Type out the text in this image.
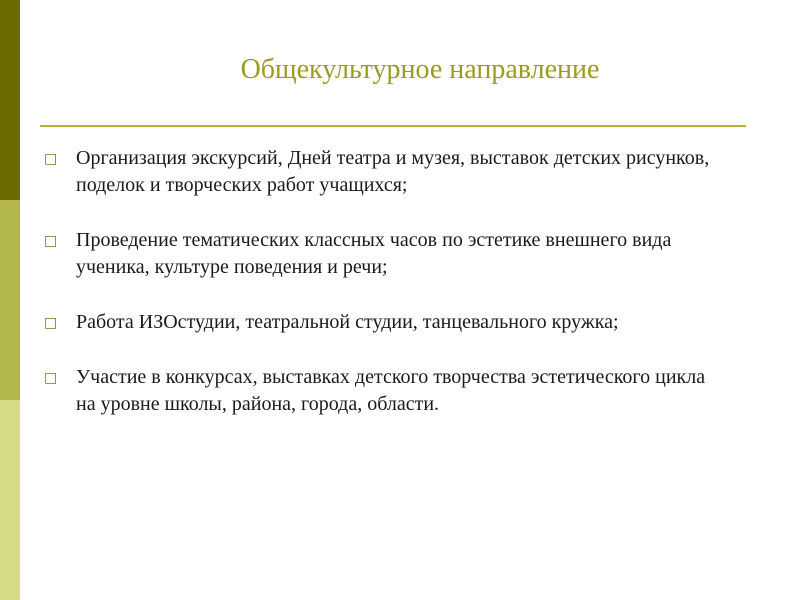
Общекультурное направление
□ Организация экскурсий, Дней театра и музея, выставок детских рисунков, поделок и творческих работ учащихся;
□ Проведение тематических классных часов по эстетике внешнего вида ученика, культуре поведения и речи;
□ Работа ИЗОстудии, театральной студии, танцевального кружка;
□ Участие в конкурсах, выставках детского творчества эстетического цикла на уровне школы, района, города, области.
